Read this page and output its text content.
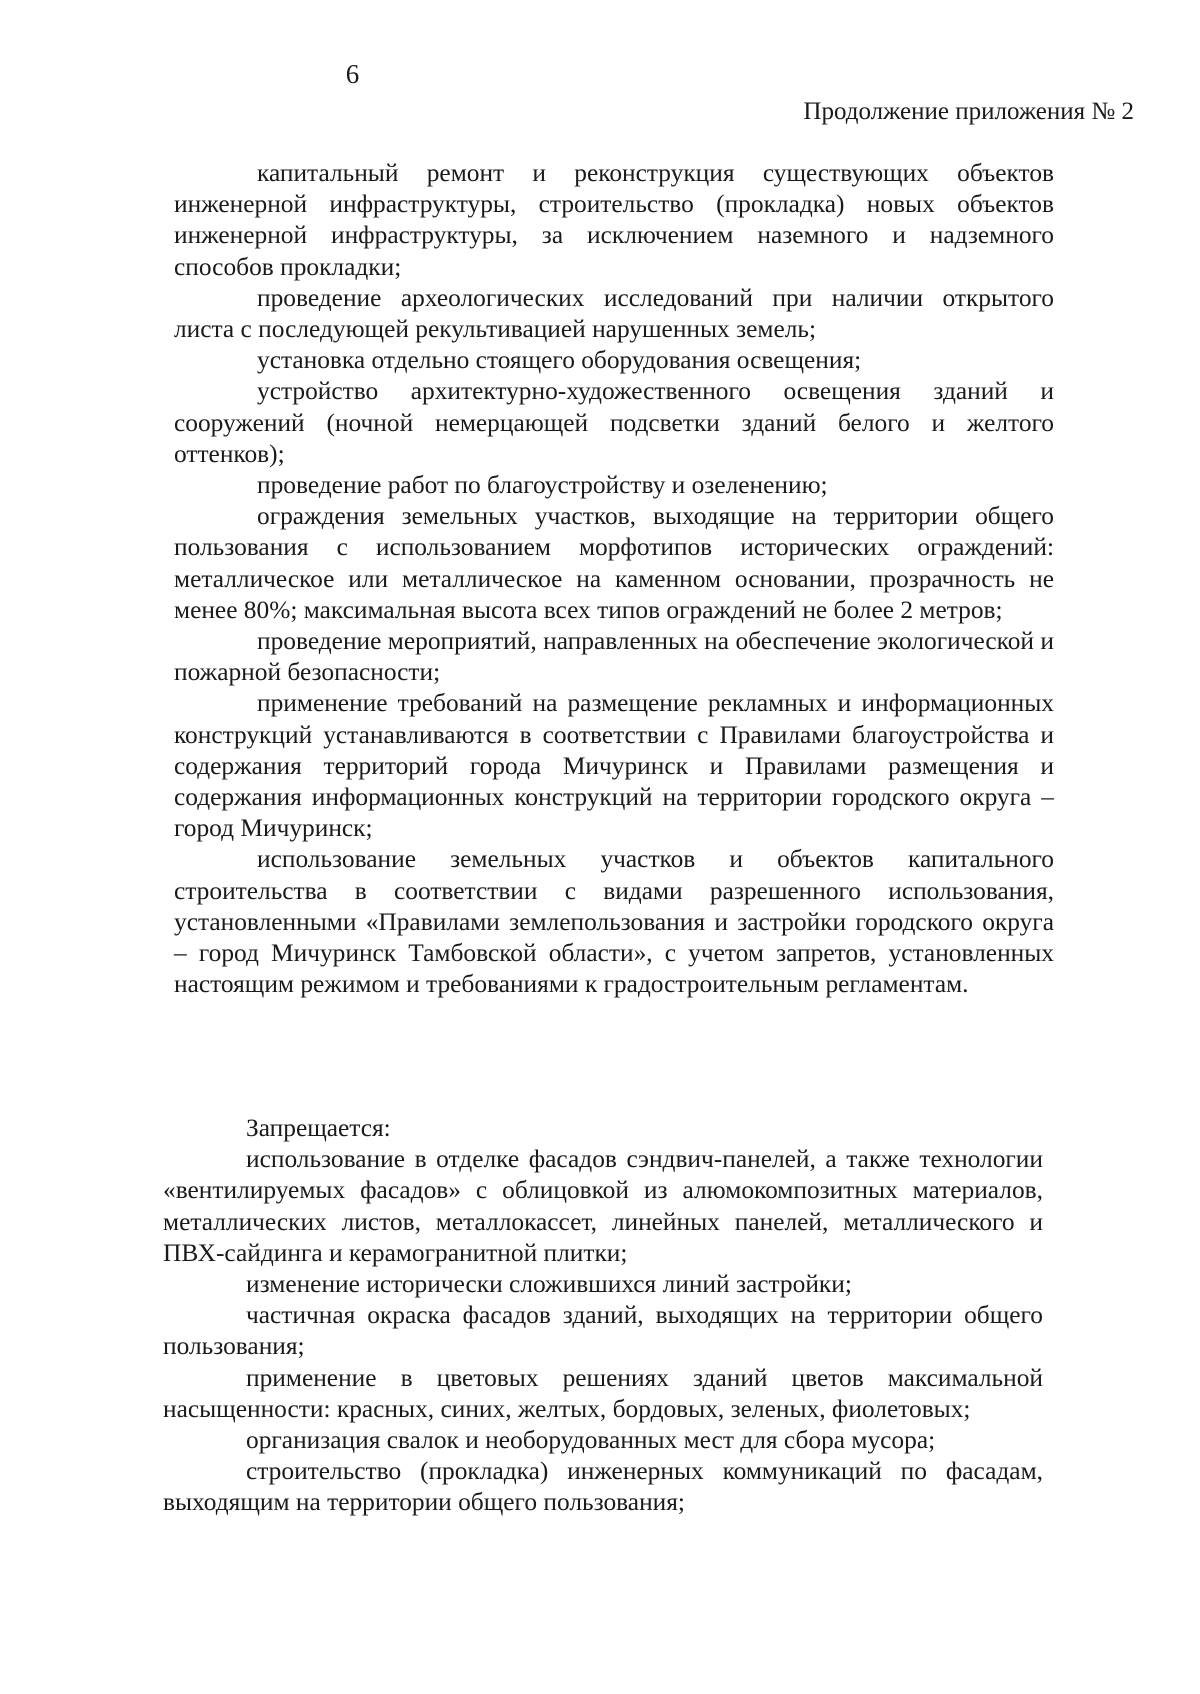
6
Продолжение приложения № 2

капитальный ремонт и реконструкция существующих объектов инженерной инфраструктуры, строительство (прокладка) новых объектов инженерной инфраструктуры, за исключением наземного и надземного способов прокладки;

проведение археологических исследований при наличии открытого листа с последующей рекультивацией нарушенных земель;

установка отдельно стоящего оборудования освещения;

устройство архитектурно-художественного освещения зданий и сооружений (ночной немерцающей подсветки зданий белого и желтого оттенков);

проведение работ по благоустройству и озеленению;

ограждения земельных участков, выходящие на территории общего пользования с использованием морфотипов исторических ограждений: металлическое или металлическое на каменном основании, прозрачность не менее 80%; максимальная высота всех типов ограждений не более 2 метров;

проведение мероприятий, направленных на обеспечение экологической и пожарной безопасности;

применение требований на размещение рекламных и информационных конструкций устанавливаются в соответствии с Правилами благоустройства и содержания территорий города Мичуринск и Правилами размещения и содержания информационных конструкций на территории городского округа – город Мичуринск;

использование земельных участков и объектов капитального строительства в соответствии с видами разрешенного использования, установленными «Правилами землепользования и застройки городского округа – город Мичуринск Тамбовской области», с учетом запретов, установленных настоящим режимом и требованиями к градостроительным регламентам.

Запрещается:

использование в отделке фасадов сэндвич-панелей, а также технологии «вентилируемых фасадов» с облицовкой из алюмокомпозитных материалов, металлических листов, металлокассет, линейных панелей, металлического и ПВХ-сайдинга и керамогранитной плитки;

изменение исторически сложившихся линий застройки;

частичная окраска фасадов зданий, выходящих на территории общего пользования;

применение в цветовых решениях зданий цветов максимальной насыщенности: красных, синих, желтых, бордовых, зеленых, фиолетовых;

организация свалок и необорудованных мест для сбора мусора;

строительство (прокладка) инженерных коммуникаций по фасадам, выходящим на территории общего пользования;
